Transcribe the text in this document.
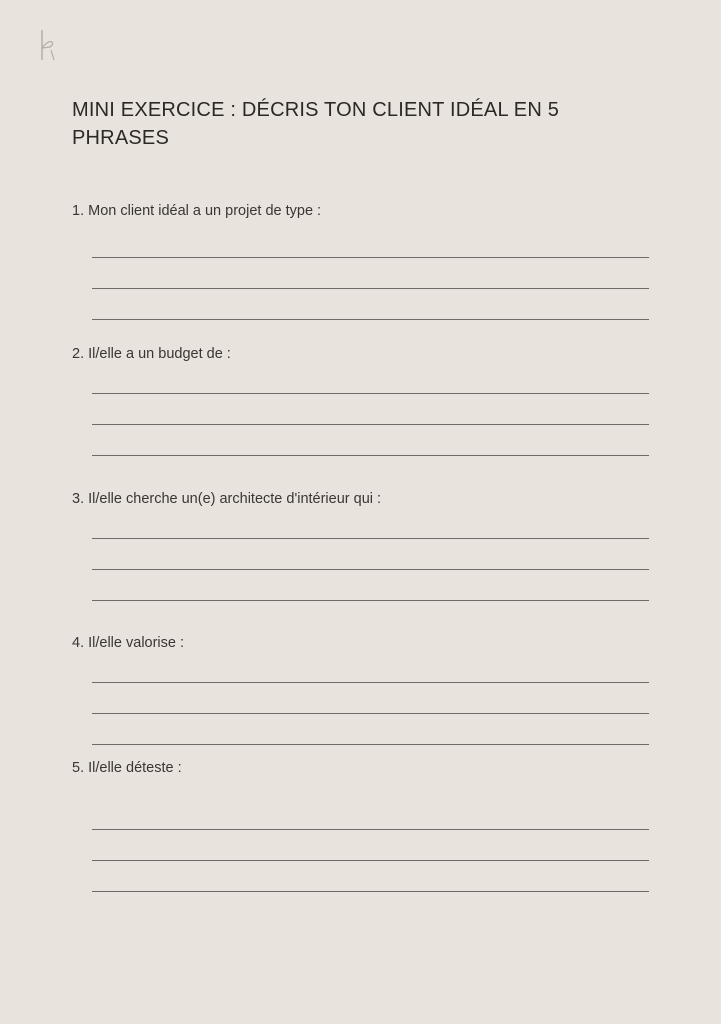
MINI EXERCICE : DÉCRIS TON CLIENT IDÉAL EN 5 PHRASES

1. Mon client idéal a un projet de type :

2. Il/elle a un budget de :

3. Il/elle cherche un(e) architecte d'intérieur qui :

4. Il/elle valorise :

5. Il/elle déteste :
